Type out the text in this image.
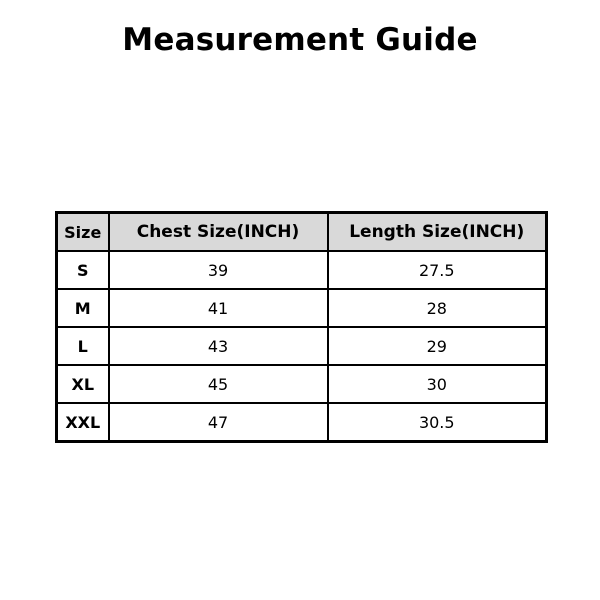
Measurement Guide
Size	Chest Size(INCH)	Length Size(INCH)
S	39	27.5
M	41	28
L	43	29
XL	45	30
XXL	47	30.5
